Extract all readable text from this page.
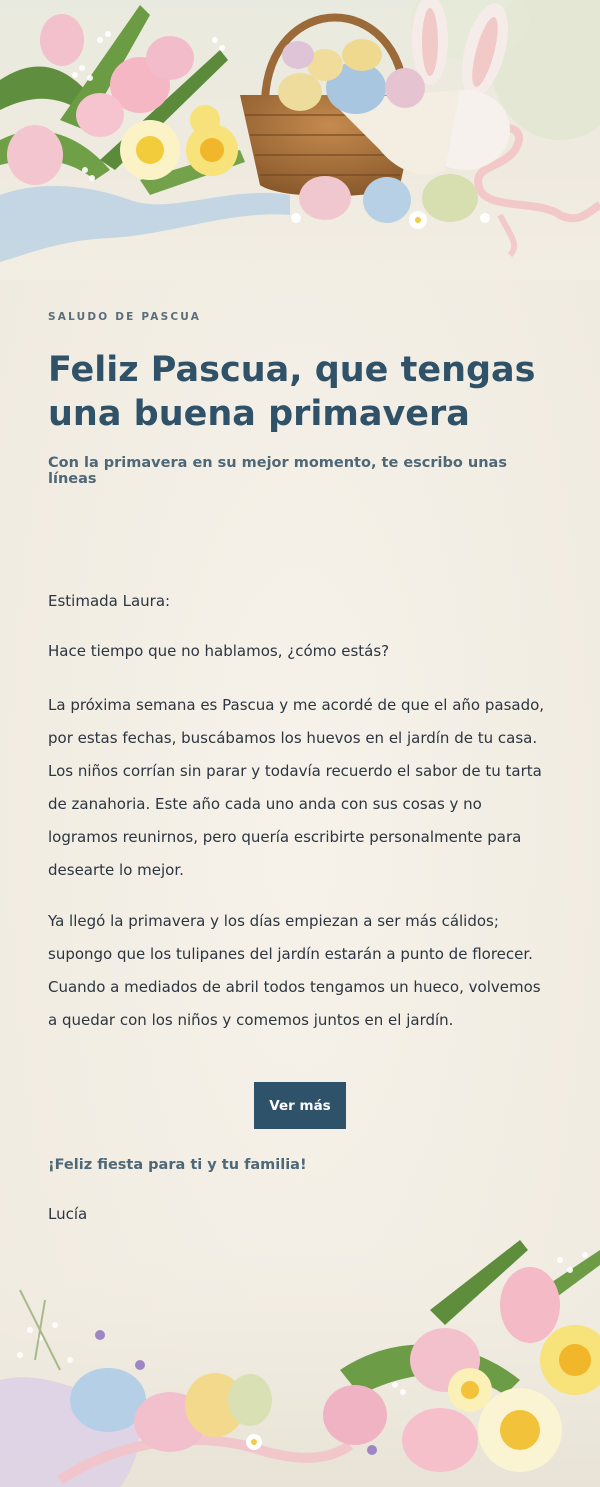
SALUDO DE PASCUA
Feliz Pascua, que tengas una buena primavera
Con la primavera en su mejor momento, te escribo unas líneas

Estimada Laura:

Hace tiempo que no hablamos, ¿cómo estás?

La próxima semana es Pascua y me acordé de que el año pasado, por estas fechas, buscábamos los huevos en el jardín de tu casa. Los niños corrían sin parar y todavía recuerdo el sabor de tu tarta de zanahoria. Este año cada uno anda con sus cosas y no logramos reunirnos, pero quería escribirte personalmente para desearte lo mejor.

Ya llegó la primavera y los días empiezan a ser más cálidos; supongo que los tulipanes del jardín estarán a punto de florecer. Cuando a mediados de abril todos tengamos un hueco, volvemos a quedar con los niños y comemos juntos en el jardín.

Ver más

¡Feliz fiesta para ti y tu familia!

Lucía
